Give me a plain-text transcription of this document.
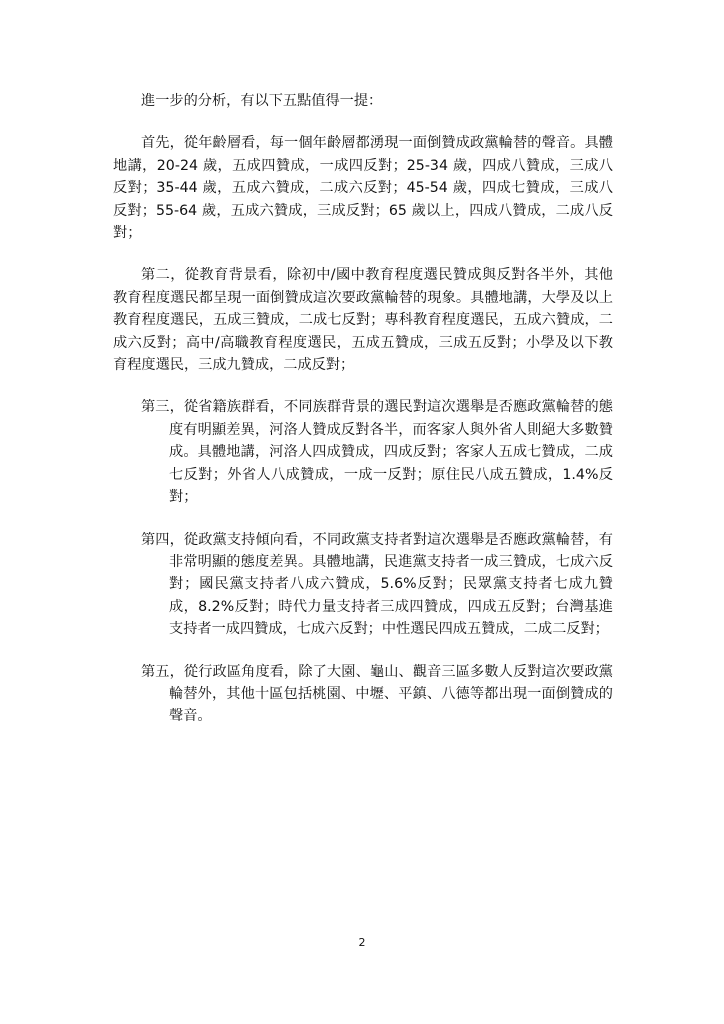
進一步的分析，有以下五點值得一提：

首先，從年齡層看，每一個年齡層都湧現一面倒贊成政黨輪替的聲音。具體地講，20-24 歲，五成四贊成，一成四反對；25-34 歲，四成八贊成，三成八反對；35-44 歲，五成六贊成，二成六反對；45-54 歲，四成七贊成，三成八反對；55-64 歲，五成六贊成，三成反對；65 歲以上，四成八贊成，二成八反對；

第二，從教育背景看，除初中/國中教育程度選民贊成與反對各半外，其他教育程度選民都呈現一面倒贊成這次要政黨輪替的現象。具體地講，大學及以上教育程度選民，五成三贊成，二成七反對；專科教育程度選民，五成六贊成，二成六反對；高中/高職教育程度選民，五成五贊成，三成五反對；小學及以下教育程度選民，三成九贊成，二成反對；

第三，從省籍族群看，不同族群背景的選民對這次選舉是否應政黨輪替的態度有明顯差異，河洛人贊成反對各半，而客家人與外省人則絕大多數贊成。具體地講，河洛人四成贊成，四成反對；客家人五成七贊成，二成七反對；外省人八成贊成，一成一反對；原住民八成五贊成，1.4%反對；

第四，從政黨支持傾向看，不同政黨支持者對這次選舉是否應政黨輪替，有非常明顯的態度差異。具體地講，民進黨支持者一成三贊成，七成六反對；國民黨支持者八成六贊成，5.6%反對；民眾黨支持者七成九贊成，8.2%反對；時代力量支持者三成四贊成，四成五反對；台灣基進支持者一成四贊成，七成六反對；中性選民四成五贊成，二成二反對；

第五，從行政區角度看，除了大園、龜山、觀音三區多數人反對這次要政黨輪替外，其他十區包括桃園、中壢、平鎮、八德等都出現一面倒贊成的聲音。

2
